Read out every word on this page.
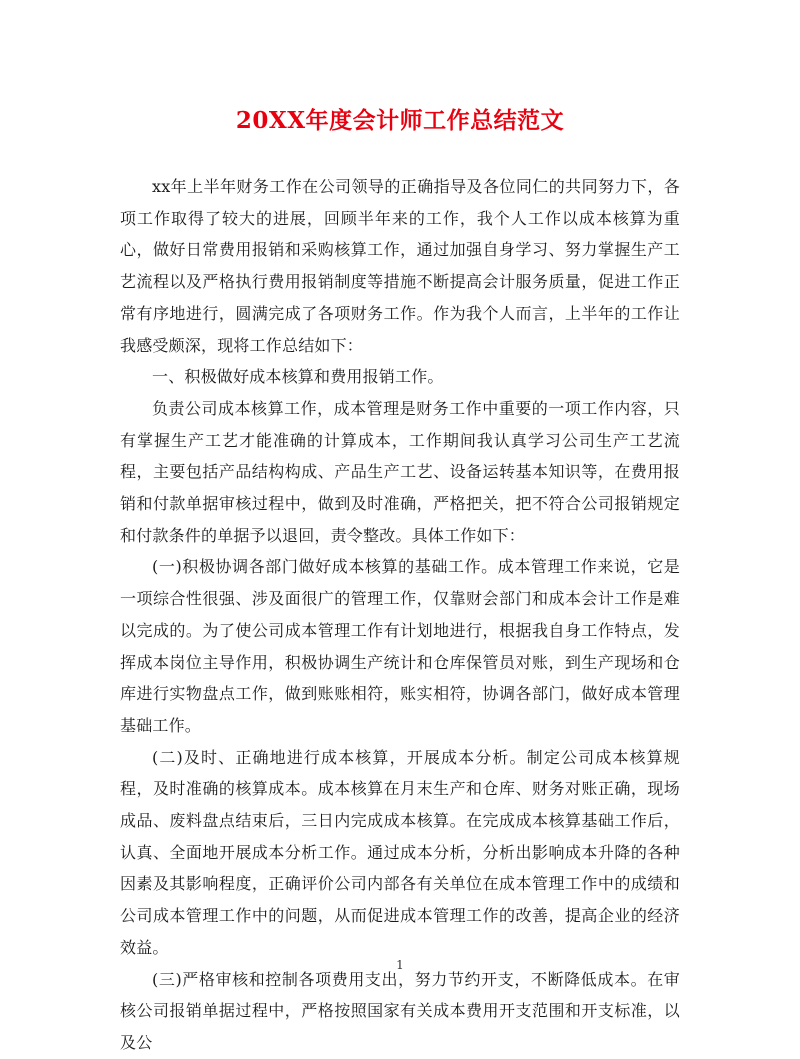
20XX年度会计师工作总结范文

xx年上半年财务工作在公司领导的正确指导及各位同仁的共同努力下，各项工作取得了较大的进展，回顾半年来的工作，我个人工作以成本核算为重心，做好日常费用报销和采购核算工作，通过加强自身学习、努力掌握生产工艺流程以及严格执行费用报销制度等措施不断提高会计服务质量，促进工作正常有序地进行，圆满完成了各项财务工作。作为我个人而言，上半年的工作让我感受颇深，现将工作总结如下：

一、积极做好成本核算和费用报销工作。

负责公司成本核算工作，成本管理是财务工作中重要的一项工作内容，只有掌握生产工艺才能准确的计算成本，工作期间我认真学习公司生产工艺流程，主要包括产品结构构成、产品生产工艺、设备运转基本知识等，在费用报销和付款单据审核过程中，做到及时准确，严格把关，把不符合公司报销规定和付款条件的单据予以退回，责令整改。具体工作如下：

(一)积极协调各部门做好成本核算的基础工作。成本管理工作来说，它是一项综合性很强、涉及面很广的管理工作，仅靠财会部门和成本会计工作是难以完成的。为了使公司成本管理工作有计划地进行，根据我自身工作特点，发挥成本岗位主导作用，积极协调生产统计和仓库保管员对账，到生产现场和仓库进行实物盘点工作，做到账账相符，账实相符，协调各部门，做好成本管理基础工作。

(二)及时、正确地进行成本核算，开展成本分析。制定公司成本核算规程，及时准确的核算成本。成本核算在月末生产和仓库、财务对账正确，现场成品、废料盘点结束后，三日内完成成本核算。在完成成本核算基础工作后，认真、全面地开展成本分析工作。通过成本分析，分析出影响成本升降的各种因素及其影响程度，正确评价公司内部各有关单位在成本管理工作中的成绩和公司成本管理工作中的问题，从而促进成本管理工作的改善，提高企业的经济效益。

(三)严格审核和控制各项费用支出，努力节约开支，不断降低成本。在审核公司报销单据过程中，严格按照国家有关成本费用开支范围和开支标准，以及公

1
